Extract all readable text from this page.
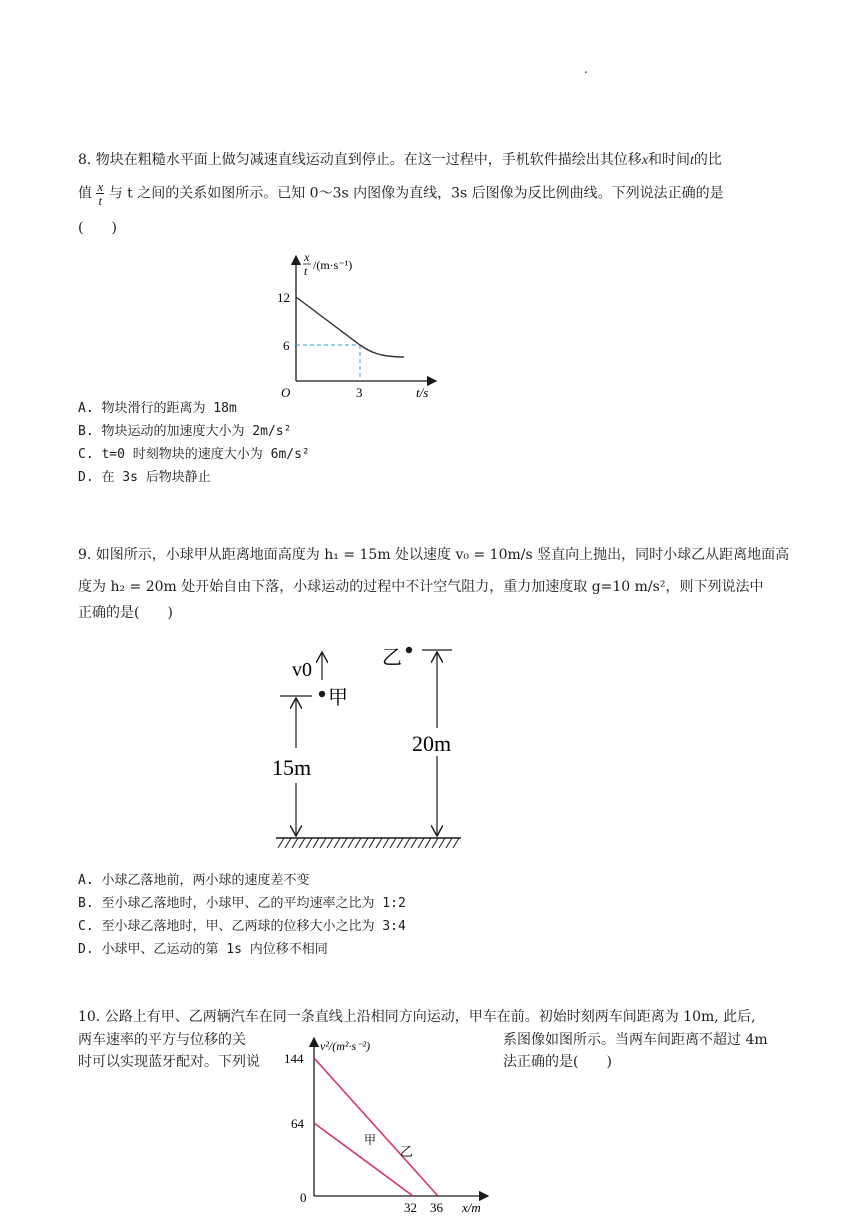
.
8. 物块在粗糙水平面上做匀减速直线运动直到停止。在这一过程中，手机软件描绘出其位移x和时间t的比
值 $\frac{x}{t}$ 与 t 之间的关系如图所示。已知 0～3s 内图像为直线，3s 后图像为反比例曲线。下列说法正确的是
(　　)
x
t /(m·s⁻¹)
12
6
O	3	t/s
A. 物块滑行的距离为 18m
B. 物块运动的加速度大小为 2m/s²
C. t=0 时刻物块的速度大小为 6m/s²
D. 在 3s 后物块静止
9. 如图所示，小球甲从距离地面高度为 h₁ = 15m 处以速度 v₀ = 10m/s 竖直向上抛出，同时小球乙从距离地面高
度为 h₂ = 20m 处开始自由下落，小球运动的过程中不计空气阻力，重力加速度取 g=10 m/s²，则下列说法中
正确的是(　　)
15m
v0
甲
乙
20m
A. 小球乙落地前，两小球的速度差不变
B. 至小球乙落地时，小球甲、乙的平均速率之比为 1:2
C. 至小球乙落地时，甲、乙两球的位移大小之比为 3:4
D. 小球甲、乙运动的第 1s 内位移不相同
10. 公路上有甲、乙两辆汽车在同一条直线上沿相同方向运动，甲车在前。初始时刻两车间距离为 10m, 此后,
两车速率的平方与位移的关	系图像如图所示。当两车间距离不超过 4m
时可以实现蓝牙配对。下列说	法正确的是(　　)
v²/(m²·s⁻²)
144
64
0
32 36 x/m
乙
甲
